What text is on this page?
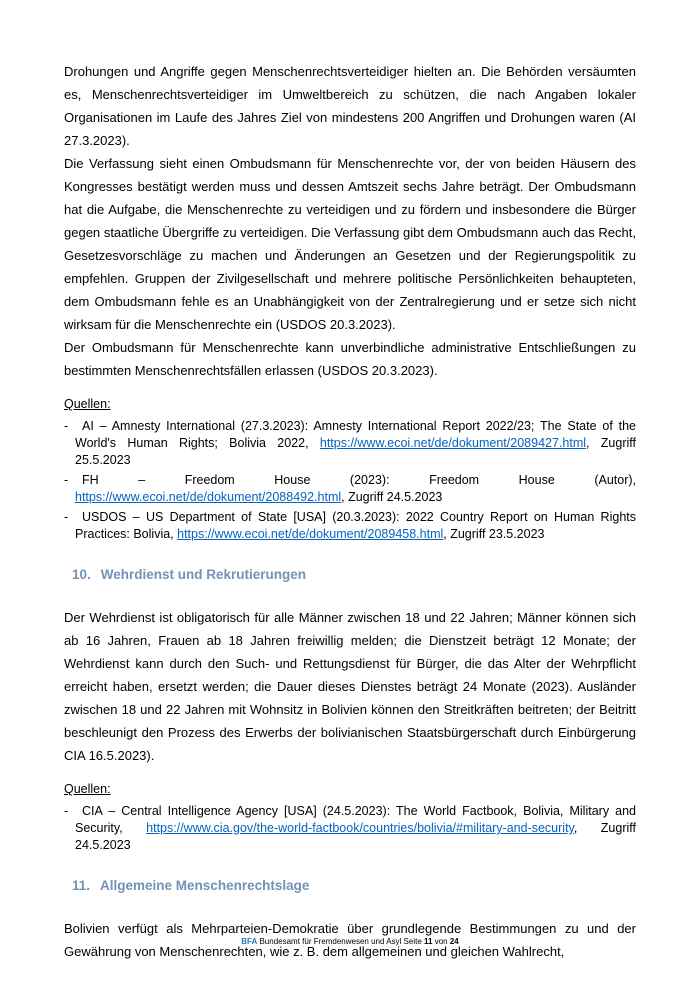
Drohungen und Angriffe gegen Menschenrechtsverteidiger hielten an. Die Behörden versäumten es, Menschenrechtsverteidiger im Umweltbereich zu schützen, die nach Angaben lokaler Organisationen im Laufe des Jahres Ziel von mindestens 200 Angriffen und Drohungen waren (AI 27.3.2023).

Die Verfassung sieht einen Ombudsmann für Menschenrechte vor, der von beiden Häusern des Kongresses bestätigt werden muss und dessen Amtszeit sechs Jahre beträgt. Der Ombudsmann hat die Aufgabe, die Menschenrechte zu verteidigen und zu fördern und insbesondere die Bürger gegen staatliche Übergriffe zu verteidigen. Die Verfassung gibt dem Ombudsmann auch das Recht, Gesetzesvorschläge zu machen und Änderungen an Gesetzen und der Regierungspolitik zu empfehlen. Gruppen der Zivilgesellschaft und mehrere politische Persönlichkeiten behaupteten, dem Ombudsmann fehle es an Unabhängigkeit von der Zentralregierung und er setze sich nicht wirksam für die Menschenrechte ein (USDOS 20.3.2023).

Der Ombudsmann für Menschenrechte kann unverbindliche administrative Entschließungen zu bestimmten Menschenrechtsfällen erlassen (USDOS 20.3.2023).

Quellen:
- AI – Amnesty International (27.3.2023): Amnesty International Report 2022/23; The State of the World's Human Rights; Bolivia 2022, https://www.ecoi.net/de/dokument/2089427.html, Zugriff 25.5.2023
- FH – Freedom House (2023): Freedom House (Autor), https://www.ecoi.net/de/dokument/2088492.html, Zugriff 24.5.2023
- USDOS – US Department of State [USA] (20.3.2023): 2022 Country Report on Human Rights Practices: Bolivia, https://www.ecoi.net/de/dokument/2089458.html, Zugriff 23.5.2023
10. Wehrdienst und Rekrutierungen

Der Wehrdienst ist obligatorisch für alle Männer zwischen 18 und 22 Jahren; Männer können sich ab 16 Jahren, Frauen ab 18 Jahren freiwillig melden; die Dienstzeit beträgt 12 Monate; der Wehrdienst kann durch den Such- und Rettungsdienst für Bürger, die das Alter der Wehrpflicht erreicht haben, ersetzt werden; die Dauer dieses Dienstes beträgt 24 Monate (2023). Ausländer zwischen 18 und 22 Jahren mit Wohnsitz in Bolivien können den Streitkräften beitreten; der Beitritt beschleunigt den Prozess des Erwerbs der bolivianischen Staatsbürgerschaft durch Einbürgerung CIA 16.5.2023).

Quellen:
- CIA – Central Intelligence Agency [USA] (24.5.2023): The World Factbook, Bolivia, Military and Security, https://www.cia.gov/the-world-factbook/countries/bolivia/#military-and-security, Zugriff 24.5.2023
11. Allgemeine Menschenrechtslage

Bolivien verfügt als Mehrparteien-Demokratie über grundlegende Bestimmungen zu und der Gewährung von Menschenrechten, wie z. B. dem allgemeinen und gleichen Wahlrecht,

BFA Bundesamt für Fremdenwesen und Asyl Seite 11 von 24
